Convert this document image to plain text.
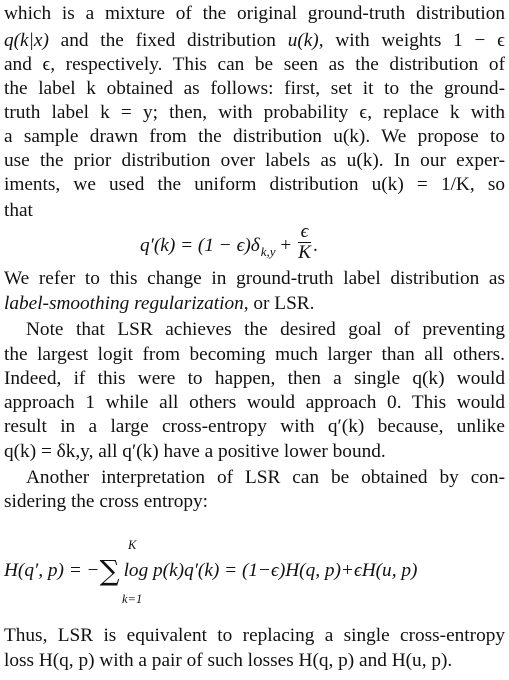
which is a mixture of the original ground-truth distribution
q(k|x) and the fixed distribution u(k), with weights 1 − ϵ
and ϵ, respectively. This can be seen as the distribution of
the label k obtained as follows: first, set it to the ground-
truth label k = y; then, with probability ϵ, replace k with
a sample drawn from the distribution u(k). We propose to
use the prior distribution over labels as u(k). In our exper-
iments, we used the uniform distribution u(k) = 1/K, so
that
$q'(k) = (1 - \epsilon)\delta_{k,y} + \frac{\epsilon}{K}$ .
We refer to this change in ground-truth label distribution as
label-smoothing regularization, or LSR.
Note that LSR achieves the desired goal of preventing
the largest logit from becoming much larger than all others.
Indeed, if this were to happen, then a single q(k) would
approach 1 while all others would approach 0. This would
result in a large cross-entropy with q′(k) because, unlike
q(k) = δk,y, all q′(k) have a positive lower bound.
Another interpretation of LSR can be obtained by con-
sidering the cross entropy:
H(q′, p) = −∑ log p(k)q′(k) = (1−ϵ)H(q, p)+ϵH(u, p)
K
k=1
Thus, LSR is equivalent to replacing a single cross-entropy
loss H(q, p) with a pair of such losses H(q, p) and H(u, p).
